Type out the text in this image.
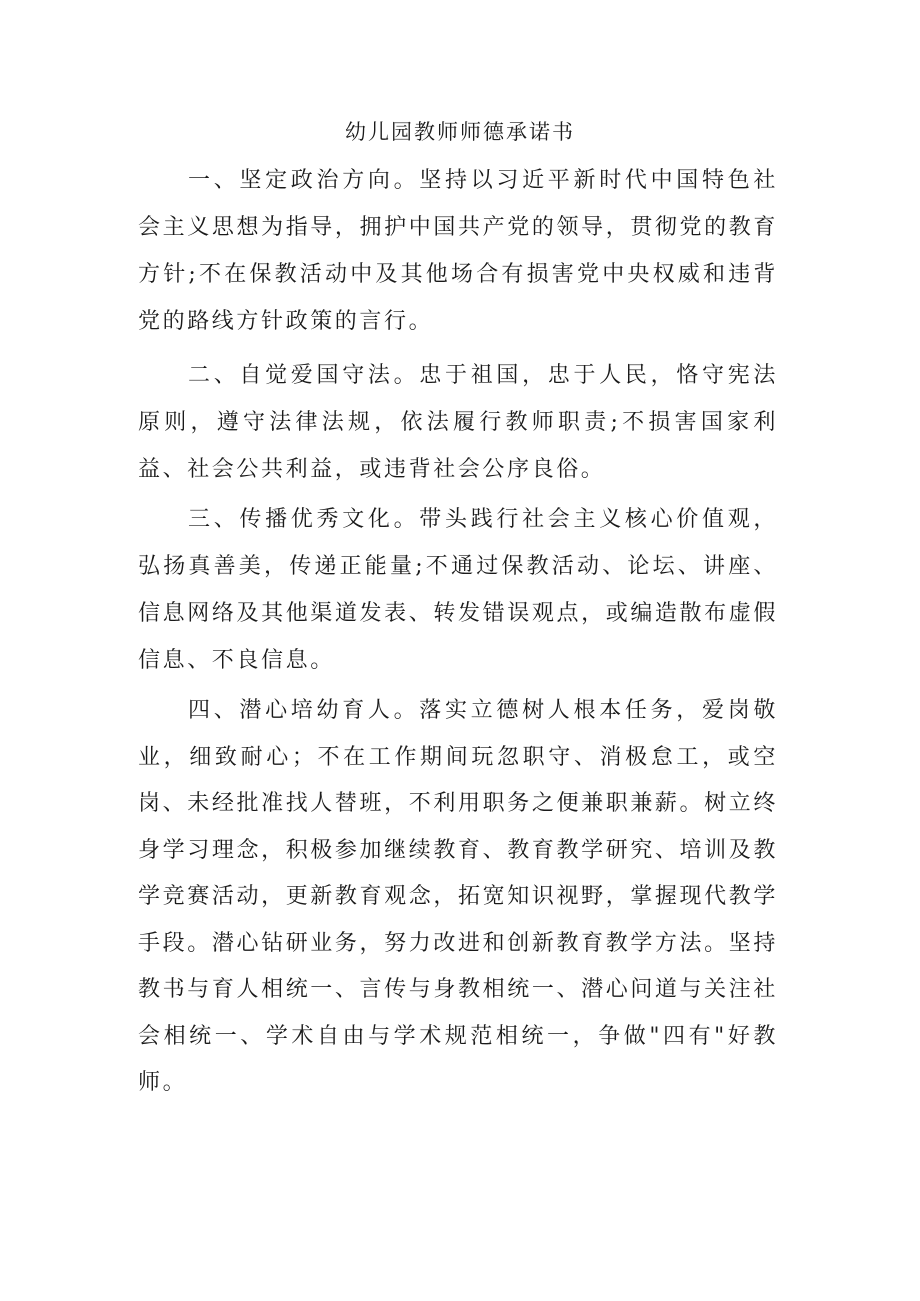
幼儿园教师师德承诺书

一、坚定政治方向。坚持以习近平新时代中国特色社会主义思想为指导，拥护中国共产党的领导，贯彻党的教育方针;不在保教活动中及其他场合有损害党中央权威和违背党的路线方针政策的言行。

二、自觉爱国守法。忠于祖国，忠于人民，恪守宪法原则，遵守法律法规，依法履行教师职责;不损害国家利益、社会公共利益，或违背社会公序良俗。

三、传播优秀文化。带头践行社会主义核心价值观，弘扬真善美，传递正能量;不通过保教活动、论坛、讲座、信息网络及其他渠道发表、转发错误观点，或编造散布虚假信息、不良信息。

四、潜心培幼育人。落实立德树人根本任务，爱岗敬业，细致耐心；不在工作期间玩忽职守、消极怠工，或空岗、未经批准找人替班，不利用职务之便兼职兼薪。树立终身学习理念，积极参加继续教育、教育教学研究、培训及教学竞赛活动，更新教育观念，拓宽知识视野，掌握现代教学手段。潜心钻研业务，努力改进和创新教育教学方法。坚持教书与育人相统一、言传与身教相统一、潜心问道与关注社会相统一、学术自由与学术规范相统一，争做"四有"好教师。
